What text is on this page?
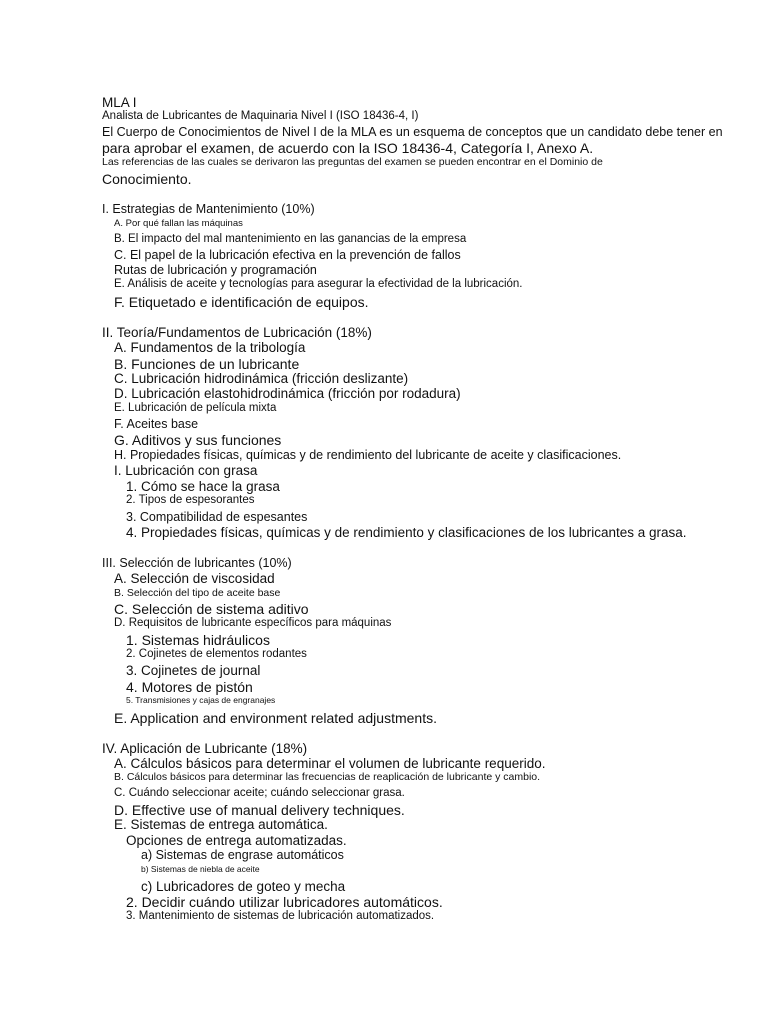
MLA I
Analista de Lubricantes de Maquinaria Nivel I (ISO 18436-4, I)
El Cuerpo de Conocimientos de Nivel I de la MLA es un esquema de conceptos que un candidato debe tener en
para aprobar el examen, de acuerdo con la ISO 18436-4, Categoría I, Anexo A.
Las referencias de las cuales se derivaron las preguntas del examen se pueden encontrar en el Dominio de
Conocimiento.
I. Estrategias de Mantenimiento (10%)
A. Por qué fallan las máquinas
B. El impacto del mal mantenimiento en las ganancias de la empresa
C. El papel de la lubricación efectiva en la prevención de fallos
Rutas de lubricación y programación
E. Análisis de aceite y tecnologías para asegurar la efectividad de la lubricación.
F. Etiquetado e identificación de equipos.
II. Teoría/Fundamentos de Lubricación (18%)
A. Fundamentos de la tribología
B. Funciones de un lubricante
C. Lubricación hidrodinámica (fricción deslizante)
D. Lubricación elastohidrodinámica (fricción por rodadura)
E. Lubricación de película mixta
F. Aceites base
G. Aditivos y sus funciones
H. Propiedades físicas, químicas y de rendimiento del lubricante de aceite y clasificaciones.
I. Lubricación con grasa
1. Cómo se hace la grasa
2. Tipos de espesorantes
3. Compatibilidad de espesantes
4. Propiedades físicas, químicas y de rendimiento y clasificaciones de los lubricantes a grasa.
III. Selección de lubricantes (10%)
A. Selección de viscosidad
B. Selección del tipo de aceite base
C. Selección de sistema aditivo
D. Requisitos de lubricante específicos para máquinas
1. Sistemas hidráulicos
2. Cojinetes de elementos rodantes
3. Cojinetes de journal
4. Motores de pistón
5. Transmisiones y cajas de engranajes
E. Application and environment related adjustments.
IV. Aplicación de Lubricante (18%)
A. Cálculos básicos para determinar el volumen de lubricante requerido.
B. Cálculos básicos para determinar las frecuencias de reaplicación de lubricante y cambio.
C. Cuándo seleccionar aceite; cuándo seleccionar grasa.
D. Effective use of manual delivery techniques.
E. Sistemas de entrega automática.
Opciones de entrega automatizadas.
a) Sistemas de engrase automáticos
b) Sistemas de niebla de aceite
c) Lubricadores de goteo y mecha
2. Decidir cuándo utilizar lubricadores automáticos.
3. Mantenimiento de sistemas de lubricación automatizados.
